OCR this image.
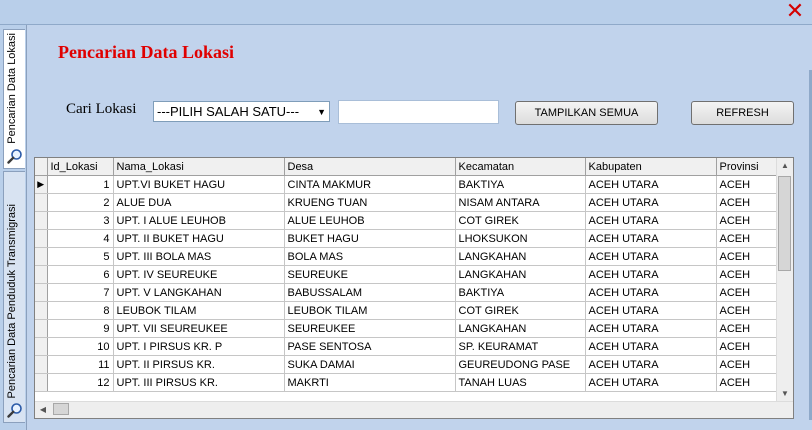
✕
Pencarian Data Lokasi
Pencarian Data Penduduk Transmigrasi
Pencarian Data Lokasi
Cari Lokasi	---PILIH SALAH SATU--- ▼	TAMPILKAN SEMUA	REFRESH
	Id_Lokasi	Nama_Lokasi	Desa	Kecamatan	Kabupaten	Provinsi
▶	1	UPT.VI BUKET HAGU	CINTA MAKMUR	BAKTIYA	ACEH UTARA	ACEH
	2	ALUE DUA	KRUENG TUAN	NISAM ANTARA	ACEH UTARA	ACEH
	3	UPT. I ALUE LEUHOB	ALUE LEUHOB	COT GIREK	ACEH UTARA	ACEH
	4	UPT. II BUKET HAGU	BUKET HAGU	LHOKSUKON	ACEH UTARA	ACEH
	5	UPT. III BOLA MAS	BOLA MAS	LANGKAHAN	ACEH UTARA	ACEH
	6	UPT. IV SEUREUKE	SEUREUKE	LANGKAHAN	ACEH UTARA	ACEH
	7	UPT. V LANGKAHAN	BABUSSALAM	BAKTIYA	ACEH UTARA	ACEH
	8	LEUBOK TILAM	LEUBOK TILAM	COT GIREK	ACEH UTARA	ACEH
	9	UPT. VII SEUREUKEE	SEUREUKEE	LANGKAHAN	ACEH UTARA	ACEH
	10	UPT. I PIRSUS KR. P	PASE SENTOSA	SP. KEURAMAT	ACEH UTARA	ACEH
	11	UPT. II PIRSUS KR.	SUKA DAMAI	GEUREUDONG PASE	ACEH UTARA	ACEH
	12	UPT. III PIRSUS KR.	MAKRTI	TANAH LUAS	ACEH UTARA	ACEH
▲
▼
◀
